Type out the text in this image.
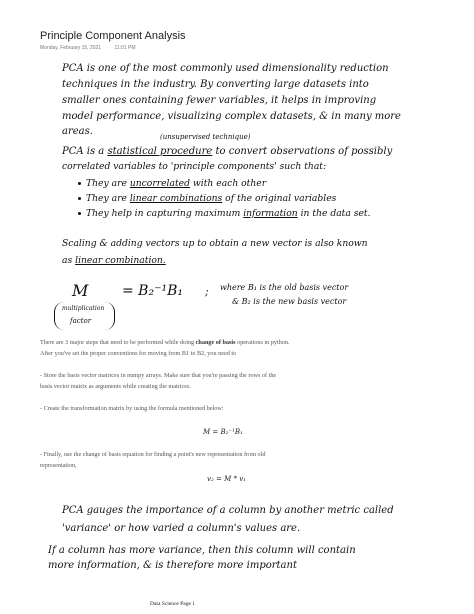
Principle Component Analysis
Monday, February 15, 2021	11:01 PM
PCA is one of the most commonly used dimensionality reduction
techniques in the industry. By converting large datasets into
smaller ones containing fewer variables, it helps in improving
model performance, visualizing complex datasets, & in many more
areas.	(unsupervised technique)
PCA is a statistical procedure to convert observations of possibly
correlated variables to 'principle components' such that:
They are uncorrelated with each other
They are linear combinations of the original variables
They help in capturing maximum information in the data set.
Scaling & adding vectors up to obtain a new vector is also known
as linear combination.
M = B₂⁻¹B₁ ; where B₁ is the old basis vector
& B₂ is the new basis vector
multiplication
factor
There are 3 major steps that need to be performed while doing change of basis operations in python.
After you've set the proper conventions for moving from B1 to B2, you need to
- Store the basis vector matrices in numpy arrays. Make sure that you're passing the rows of the
basis vector matrix as arguments while creating the matrices.
- Create the transformation matrix by using the formula mentioned below:
M = B₂⁻¹B₁
- Finally, use the change of basis equation for finding a point's new representation from old
representation,
v₂ = M * v₁
PCA gauges the importance of a column by another metric called
'variance' or how varied a column's values are.
If a column has more variance, then this column will contain
more information, & is therefore more important
Data Science Page 1
